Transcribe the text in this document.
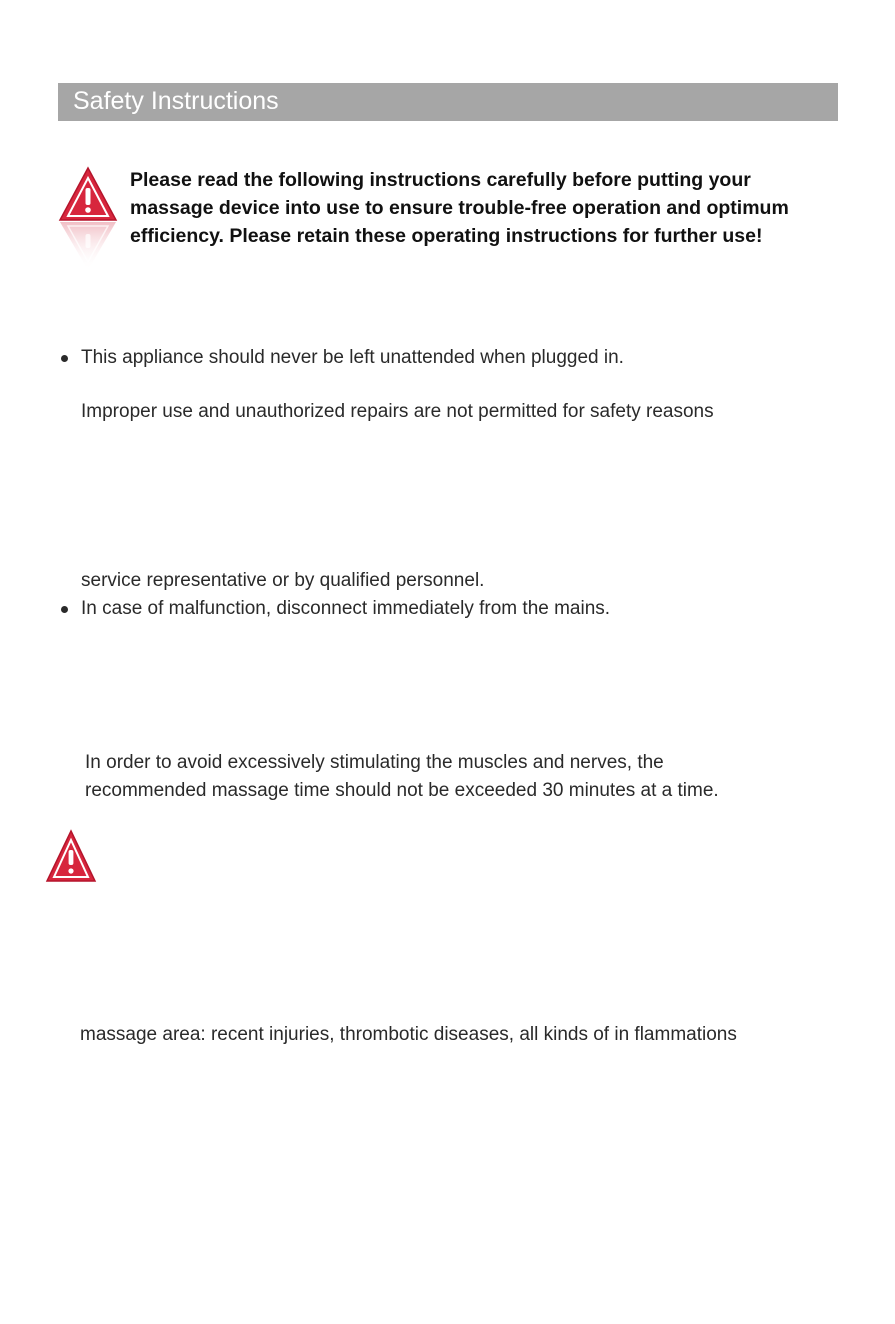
Safety Instructions
Please read the following instructions carefully before putting your
massage device into use to ensure trouble-free operation and optimum
efficiency. Please retain these operating instructions for further use!
This appliance should never be left unattended when plugged in.
Improper use and unauthorized repairs are not permitted for safety reasons
service representative or by qualified personnel.
In case of malfunction, disconnect immediately from the mains.
In order to avoid excessively stimulating the muscles and nerves, the
recommended massage time should not be exceeded 30 minutes at a time.
massage area: recent injuries, thrombotic diseases, all kinds of in flammations
